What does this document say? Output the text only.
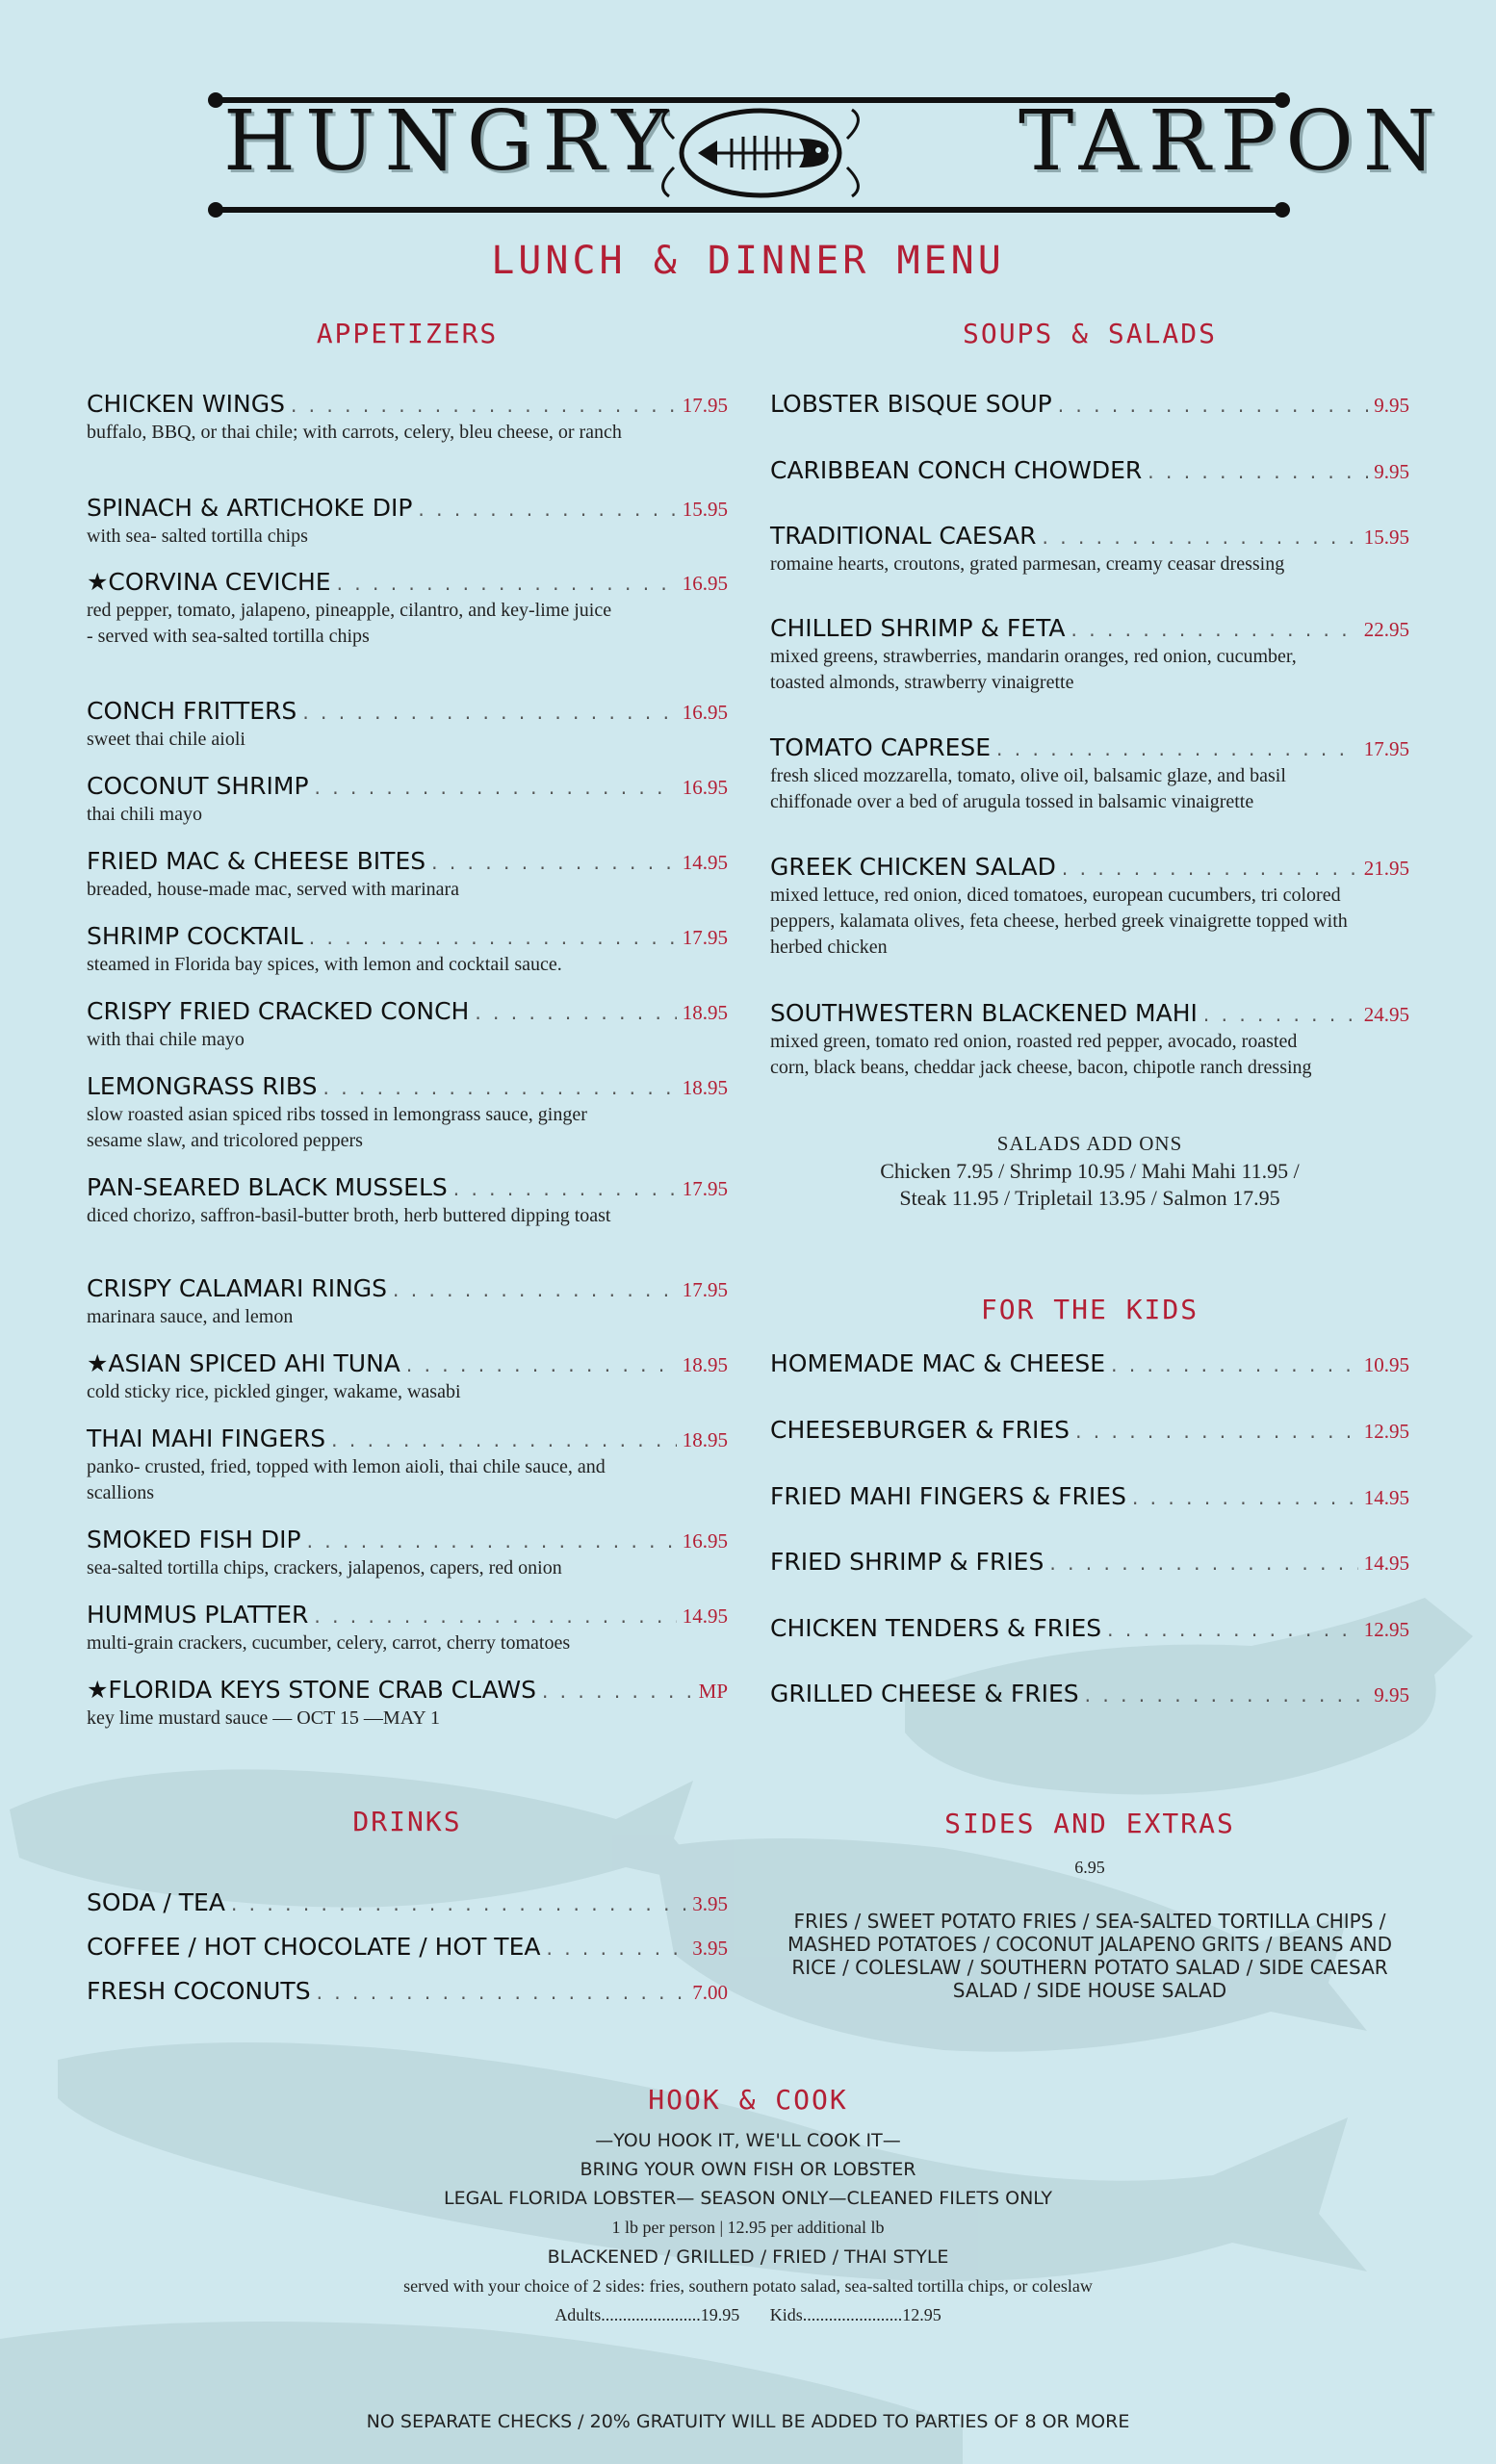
HUNGRY	TARPON
LUNCH & DINNER MENU
APPETIZERS	SOUPS & SALADS
CHICKEN WINGS . . .	17.95
buffalo, BBQ, or thai chile; with carrots, celery, bleu cheese, or ranch
SPINACH & ARTICHOKE DIP . . .	15.95
with sea- salted tortilla chips
★CORVINA CEVICHE . . .	16.95
red pepper, tomato, jalapeno, pineapple, cilantro, and key-lime juice
- served with sea-salted tortilla chips
CONCH FRITTERS . . .	16.95
sweet thai chile aioli
COCONUT SHRIMP . . .	16.95
thai chili mayo
FRIED MAC & CHEESE BITES . . .	14.95
breaded, house-made mac, served with marinara
SHRIMP COCKTAIL . . .	17.95
steamed in Florida bay spices, with lemon and cocktail sauce.
CRISPY FRIED CRACKED CONCH . . .	18.95
with thai chile mayo
LEMONGRASS RIBS . . .	18.95
slow roasted asian spiced ribs tossed in lemongrass sauce, ginger sesame slaw, and tricolored peppers
PAN-SEARED BLACK MUSSELS . . .	17.95
diced chorizo, saffron-basil-butter broth, herb buttered dipping toast
CRISPY CALAMARI RINGS . . .	17.95
marinara sauce, and lemon
★ASIAN SPICED AHI TUNA . . .	18.95
cold sticky rice, pickled ginger, wakame, wasabi
THAI MAHI FINGERS . . .	18.95
panko- crusted, fried, topped with lemon aioli, thai chile sauce, and scallions
SMOKED FISH DIP . . .	16.95
sea-salted tortilla chips, crackers, jalapenos, capers, red onion
HUMMUS PLATTER . . .	14.95
multi-grain crackers, cucumber, celery, carrot, cherry tomatoes
★FLORIDA KEYS STONE CRAB CLAWS . . .	MP
key lime mustard sauce — OCT 15 —MAY 1
LOBSTER BISQUE SOUP . . .	9.95
CARIBBEAN CONCH CHOWDER . . .	9.95
TRADITIONAL CAESAR . . .	15.95
romaine hearts, croutons, grated parmesan, creamy ceasar dressing
CHILLED SHRIMP & FETA . . .	22.95
mixed greens, strawberries, mandarin oranges, red onion, cucumber, toasted almonds, strawberry vinaigrette
TOMATO CAPRESE . . .	17.95
fresh sliced mozzarella, tomato, olive oil, balsamic glaze, and basil chiffonade over a bed of arugula tossed in balsamic vinaigrette
GREEK CHICKEN SALAD . . .	21.95
mixed lettuce, red onion, diced tomatoes, european cucumbers, tri colored peppers, kalamata olives, feta cheese, herbed greek vinaigrette topped with herbed chicken
SOUTHWESTERN BLACKENED MAHI . . .	24.95
mixed green, tomato red onion, roasted red pepper, avocado, roasted corn, black beans, cheddar jack cheese, bacon, chipotle ranch dressing
SALADS ADD ONS
Chicken 7.95 / Shrimp 10.95 / Mahi Mahi 11.95 /
Steak 11.95 / Tripletail 13.95 / Salmon 17.95
FOR THE KIDS
HOMEMADE MAC & CHEESE . . .	10.95
CHEESEBURGER & FRIES . . .	12.95
FRIED MAHI FINGERS & FRIES . . .	14.95
FRIED SHRIMP & FRIES . . .	14.95
CHICKEN TENDERS & FRIES . . .	12.95
GRILLED CHEESE & FRIES . . .	9.95
DRINKS
SODA / TEA . . .	3.95
COFFEE / HOT CHOCOLATE / HOT TEA . . .	3.95
FRESH COCONUTS . . .	7.00
SIDES AND EXTRAS
6.95
FRIES / SWEET POTATO FRIES / SEA-SALTED TORTILLA CHIPS /
MASHED POTATOES / COCONUT JALAPENO GRITS / BEANS AND
RICE / COLESLAW / SOUTHERN POTATO SALAD / SIDE CAESAR
SALAD / SIDE HOUSE SALAD
HOOK & COOK
—YOU HOOK IT, WE'LL COOK IT—
BRING YOUR OWN FISH OR LOBSTER
LEGAL FLORIDA LOBSTER— SEASON ONLY—CLEANED FILETS ONLY
1 lb per person | 12.95 per additional lb
BLACKENED / GRILLED / FRIED / THAI STYLE
served with your choice of 2 sides: fries, southern potato salad, sea-salted tortilla chips, or coleslaw
Adults.......................19.95       Kids.......................12.95
NO SEPARATE CHECKS / 20% GRATUITY WILL BE ADDED TO PARTIES OF 8 OR MORE
